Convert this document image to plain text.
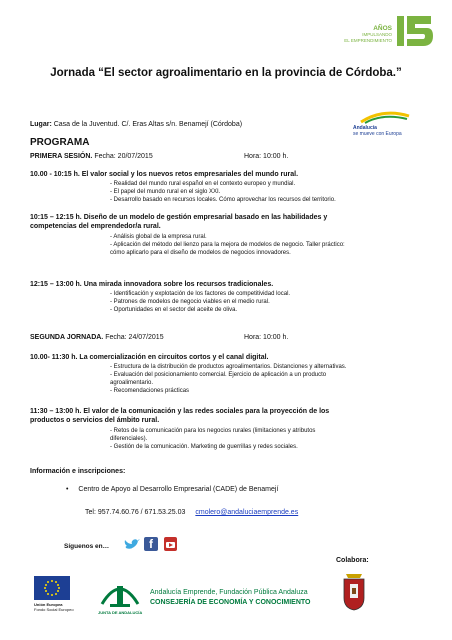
AÑOS
IMPULSANDO
EL EMPRENDIMIENTO
Jornada “El sector agroalimentario en la provincia de Córdoba.”
Lugar: Casa de la Juventud. C/. Eras Altas s/n. Benamejí (Córdoba)	Andalucía
se mueve con Europa
PROGRAMA
PRIMERA SESIÓN. Fecha: 20/07/2015	Hora: 10:00 h.
10.00 - 10:15 h. El valor social y los nuevos retos empresariales del mundo rural.
- Realidad del mundo rural español en el contexto europeo y mundial.
- El papel del mundo rural en el siglo XXI.
- Desarrollo basado en recursos locales. Cómo aprovechar los recursos del territorio.
10:15 – 12:15 h. Diseño de un modelo de gestión empresarial basado en las habilidades y
competencias del emprendedor/a rural.
- Análisis global de la empresa rural.
- Aplicación del método del lienzo para la mejora de modelos de negocio. Taller práctico:
cómo aplicarlo para el diseño de modelos de negocios innovadores.
12:15 – 13:00 h. Una mirada innovadora sobre los recursos tradicionales.
- Identificación y explotación de los factores de competitividad local.
- Patrones de modelos de negocio viables en el medio rural.
- Oportunidades en el sector del aceite de oliva.
SEGUNDA JORNADA. Fecha: 24/07/2015	Hora: 10:00 h.
10.00- 11:30 h. La comercialización en circuitos cortos y el canal digital.
- Estructura de la distribución de productos agroalimentarios. Distanciones y alternativas.
- Evaluación del posicionamiento comercial. Ejercicio de aplicación a un producto
agroalimentario.
- Recomendaciones prácticas
11:30 – 13:00 h. El valor de la comunicación y las redes sociales para la proyección de los
productos o servicios del ámbito rural.
- Retos de la comunicación para los negocios rurales (limitaciones y atributos
diferenciales).
- Gestión de la comunicación. Marketing de guerrillas y redes sociales.
Información e inscripciones:
• Centro de Apoyo al Desarrollo Empresarial (CADE) de Benamejí
Tel: 957.74.60.76 / 671.53.25.03 cmolero@andaluciaemprende.es
Síguenos en…	f
Colabora:
Unión Europea
Fondo Social Europeo
JUNTA DE ANDALUCÍA
Andalucía Emprende, Fundación Pública Andaluza
CONSEJERÍA DE ECONOMÍA Y CONOCIMIENTO
